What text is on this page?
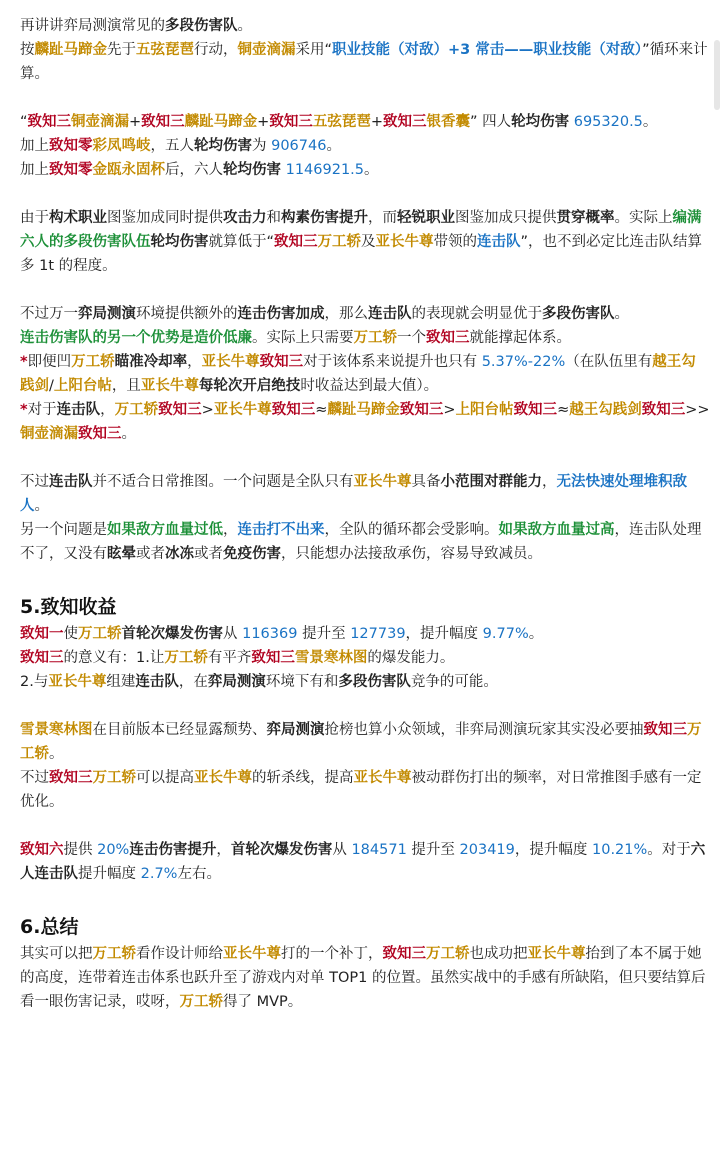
再讲讲弈局测演常见的多段伤害队。
按麟趾马蹄金先于五弦琵琶行动，铜壶滴漏采用“职业技能（对敌）+3 常击——职业技能（对敌）”循环来计算。
“致知三铜壶滴漏+致知三麟趾马蹄金+致知三五弦琵琶+致知三银香囊” 四人轮均伤害 695320.5。
加上致知零彩凤鸣岐，五人轮均伤害为 906746。
加上致知零金瓯永固杯后，六人轮均伤害 1146921.5。
由于构术职业图鉴加成同时提供攻击力和构素伤害提升，而轻锐职业图鉴加成只提供贯穿概率。实际上编满六人的多段伤害队伍轮均伤害就算低于“致知三万工轿及亚长牛尊带领的连击队”，也不到必定比连击队结算多 1t 的程度。
不过万一弈局测演环境提供额外的连击伤害加成，那么连击队的表现就会明显优于多段伤害队。
连击伤害队的另一个优势是造价低廉。实际上只需要万工轿一个致知三就能撑起体系。
*即便凹万工轿瞄准冷却率，亚长牛尊致知三对于该体系来说提升也只有 5.37%-22%（在队伍里有越王勾践剑/上阳台帖，且亚长牛尊每轮次开启绝技时收益达到最大值）。
*对于连击队，万工轿致知三>亚长牛尊致知三≈麟趾马蹄金致知三>上阳台帖致知三≈越王勾践剑致知三>>铜壶滴漏致知三。
不过连击队并不适合日常推图。一个问题是全队只有亚长牛尊具备小范围对群能力，无法快速处理堆积敌人。
另一个问题是如果敌方血量过低，连击打不出来，全队的循环都会受影响。如果敌方血量过高，连击队处理不了，又没有眩晕或者冰冻或者免疫伤害，只能想办法接敌承伤，容易导致减员。
5.致知收益
致知一使万工轿首轮次爆发伤害从 116369 提升至 127739，提升幅度 9.77%。
致知三的意义有：1.让万工轿有平齐致知三雪景寒林图的爆发能力。
2.与亚长牛尊组建连击队，在弈局测演环境下有和多段伤害队竞争的可能。
雪景寒林图在目前版本已经显露颓势、弈局测演抢榜也算小众领域，非弈局测演玩家其实没必要抽致知三万工轿。
不过致知三万工轿可以提高亚长牛尊的斩杀线，提高亚长牛尊被动群伤打出的频率，对日常推图手感有一定优化。
致知六提供 20%连击伤害提升，首轮次爆发伤害从 184571 提升至 203419，提升幅度 10.21%。对于六人连击队提升幅度 2.7%左右。
6.总结
其实可以把万工轿看作设计师给亚长牛尊打的一个补丁，致知三万工轿也成功把亚长牛尊抬到了本不属于她的高度，连带着连击体系也跃升至了游戏内对单 TOP1 的位置。虽然实战中的手感有所缺陷，但只要结算后看一眼伤害记录，哎呀，万工轿得了 MVP。
